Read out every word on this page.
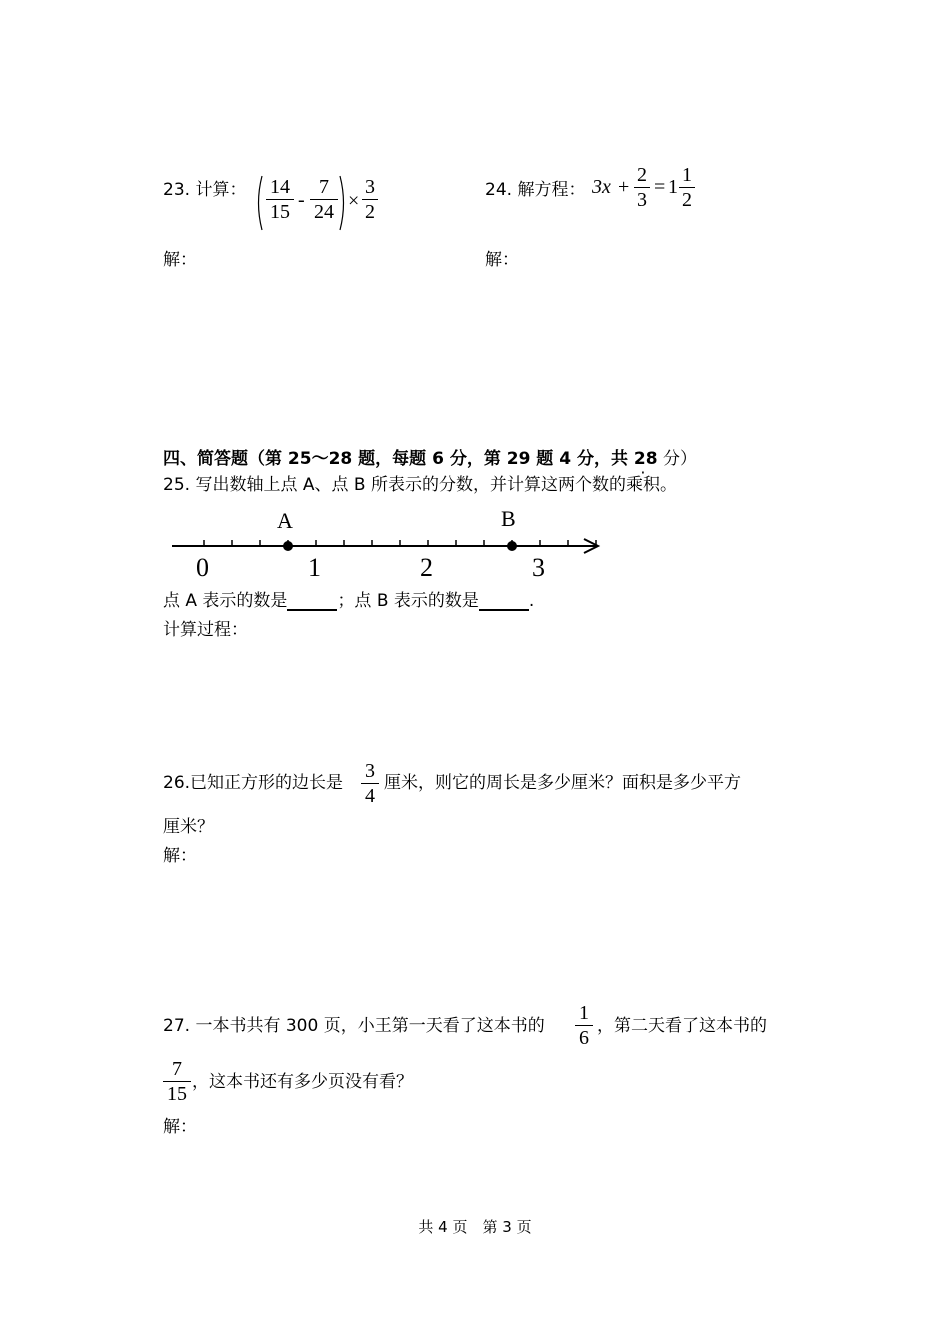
23. 计算： 14
15
-
7
24 ×
3
2
解：
24. 解方程： 3x +
2
3
= 1
1
2
解：
四、简答题（第 25～28 题，每题 6 分，第 29 题 4 分，共 28 分）
25. 写出数轴上点 A、点 B 所表示的分数，并计算这两个数的乘积。
A	B
0	1	2	3
点 A 表示的数是	；点 B 表示的数是	.
计算过程：
26.已知正方形的边长是
3
4
厘米，则它的周长是多少厘米？面积是多少平方
厘米？
解：
27. 一本书共有 300 页，小王第一天看了这本书的
1
6
，第二天看了这本书的
7
15
，这本书还有多少页没有看？
解：
共 4 页　第 3 页
